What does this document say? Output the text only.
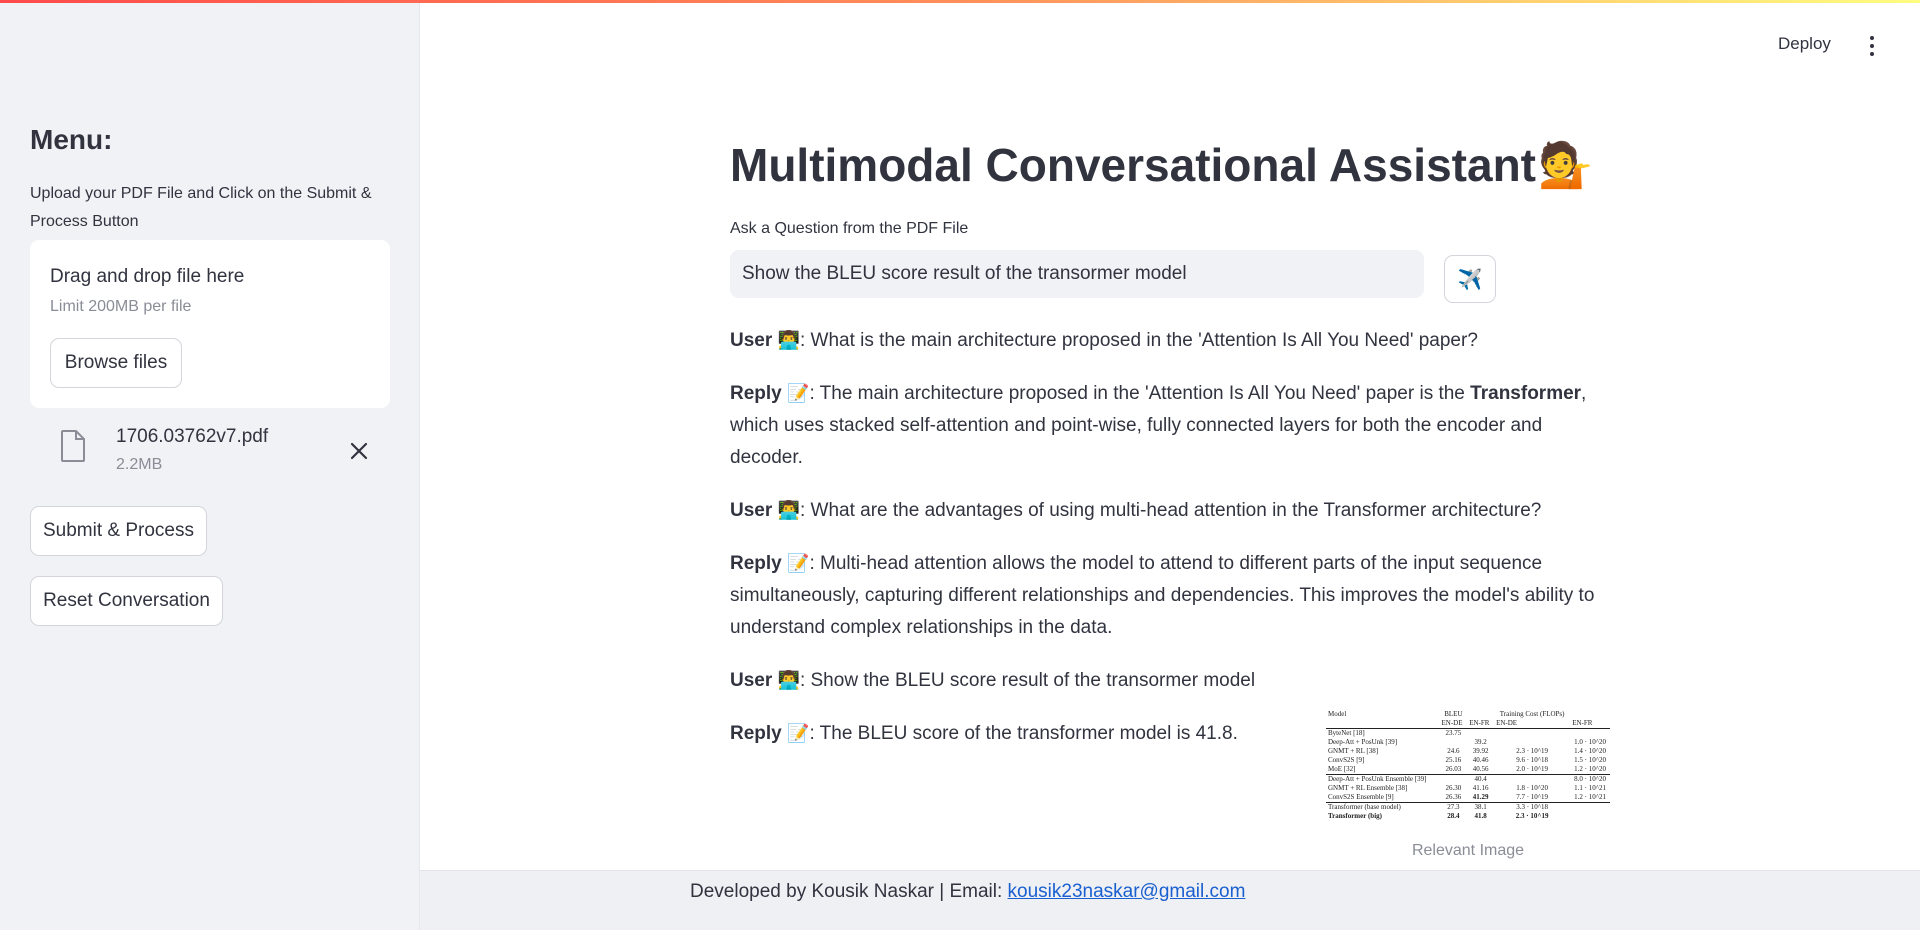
Menu:
Upload your PDF File and Click on the Submit & Process Button
Drag and drop file here
Limit 200MB per file
Browse files
1706.03762v7.pdf
2.2MB
Submit & Process
Reset Conversation
Deploy
Multimodal Conversational Assistant 💁
Ask a Question from the PDF File
Show the BLEU score result of the transormer model
✈️
User 👨‍💻: What is the main architecture proposed in the 'Attention Is All You Need' paper?
Reply 📝: The main architecture proposed in the 'Attention Is All You Need' paper is the Transformer, which uses stacked self-attention and point-wise, fully connected layers for both the encoder and decoder.
User 👨‍💻: What are the advantages of using multi-head attention in the Transformer architecture?
Reply 📝: Multi-head attention allows the model to attend to different parts of the input sequence simultaneously, capturing different relationships and dependencies. This improves the model's ability to understand complex relationships in the data.
User 👨‍💻: Show the BLEU score result of the transormer model
Reply 📝: The BLEU score of the transformer model is 41.8.
Model	BLEU		Training Cost (FLOPs)	
	EN-DE	EN-FR	EN-DE	EN-FR
ByteNet [18]	23.75			
Deep-Att + PosUnk [39]		39.2		1.0 · 10^20
GNMT + RL [38]	24.6	39.92	2.3 · 10^19	1.4 · 10^20
ConvS2S [9]	25.16	40.46	9.6 · 10^18	1.5 · 10^20
MoE [32]	26.03	40.56	2.0 · 10^19	1.2 · 10^20
Deep-Att + PosUnk Ensemble [39]		40.4		8.0 · 10^20
GNMT + RL Ensemble [38]	26.30	41.16	1.8 · 10^20	1.1 · 10^21
ConvS2S Ensemble [9]	26.36	41.29	7.7 · 10^19	1.2 · 10^21
Transformer (base model)	27.3	38.1	3.3 · 10^18	
Transformer (big)	28.4	41.8	2.3 · 10^19	
Relevant Image
Developed by Kousik Naskar | Email: kousik23naskar@gmail.com
